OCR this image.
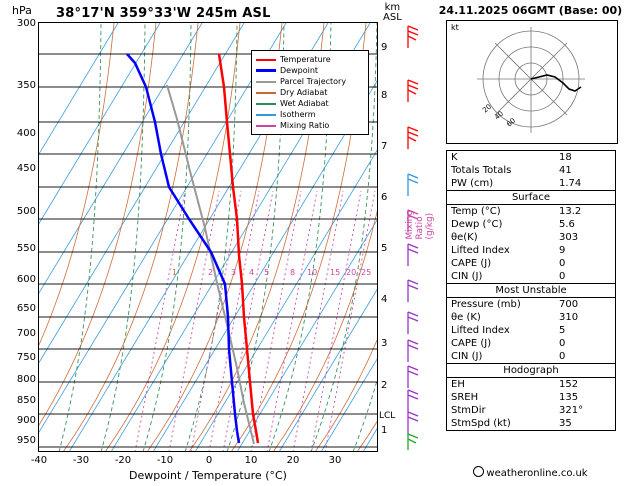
hPa 38°17'N 359°33'W 245m ASL	km
ASL
Temperature
Dewpoint
Parcel Trajectory
Dry Adiabat
Wet Adiabat
Isotherm
Mixing Ratio
300
350
400
450
500
550
600
650
700
750
800
850
900
950
-40	-30	-20	-10	0	10	20	30
Dewpoint / Temperature (°C)
9
8
7
6
5
4
3
2
1
LCL
Mixing Ratio (g/kg)
1	2 3 4 5	8 10 15 20 25
24.11.2025 06GMT (Base: 00)
kt
20
40
60
K	18
Totals Totals	41
PW (cm)	1.74
Surface	
Temp (°C)	13.2
Dewp (°C)	5.6
θe(K)	303
Lifted Index	9
CAPE (J)	0
CIN (J)	0
Most Unstable	
Pressure (mb)	700
θe (K)	310
Lifted Index	5
CAPE (J)	0
CIN (J)	0
Hodograph	
EH	152
SREH	135
StmDir	321°
StmSpd (kt)	35
weatheronline.co.uk
